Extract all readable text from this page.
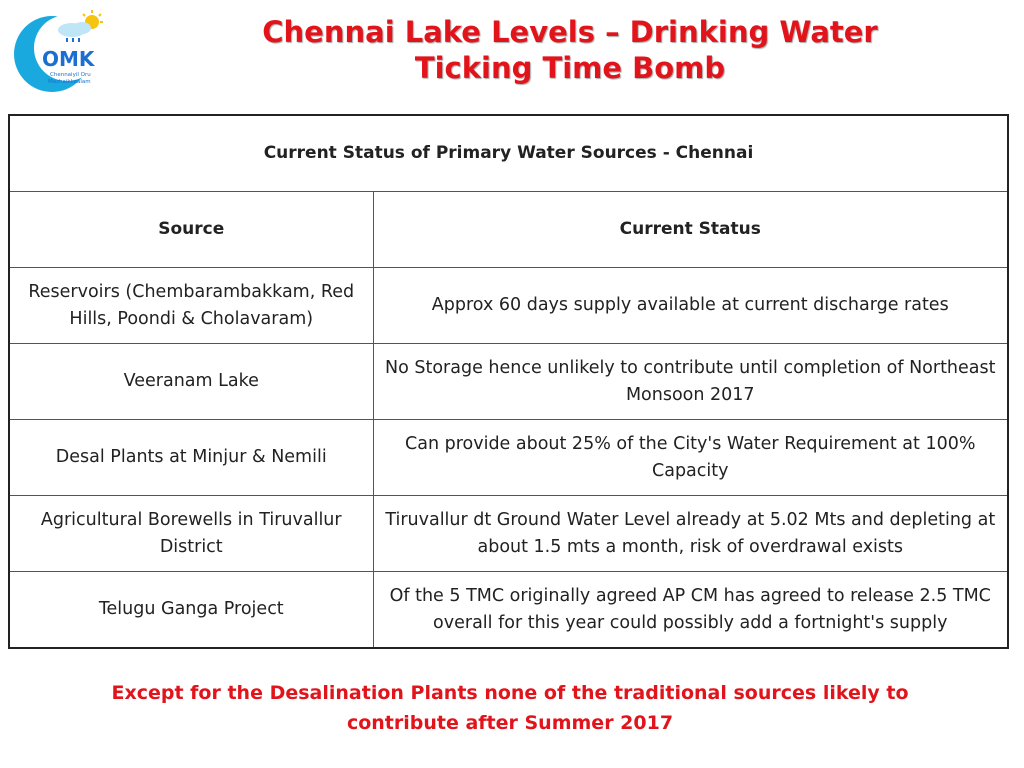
OMK
Chennaiyil Oru
Mazhaikkaalam
Chennai Lake Levels – Drinking Water
Ticking Time Bomb
Current Status of Primary Water Sources - Chennai	
Source	Current Status
Reservoirs (Chembarambakkam, Red Hills, Poondi & Cholavaram)	Approx 60 days supply available at current discharge rates
Veeranam Lake	No Storage hence unlikely to contribute until completion of Northeast Monsoon 2017
Desal Plants at Minjur & Nemili	Can provide about 25% of the City's Water Requirement at 100% Capacity
Agricultural Borewells in Tiruvallur District	Tiruvallur dt Ground Water Level already at 5.02 Mts and depleting at about 1.5 mts a month, risk of overdrawal exists
Telugu Ganga Project	Of the 5 TMC originally agreed AP CM has agreed to release 2.5 TMC overall for this year could possibly add a fortnight's supply
Except for the Desalination Plants none of the traditional sources likely to contribute after Summer 2017
